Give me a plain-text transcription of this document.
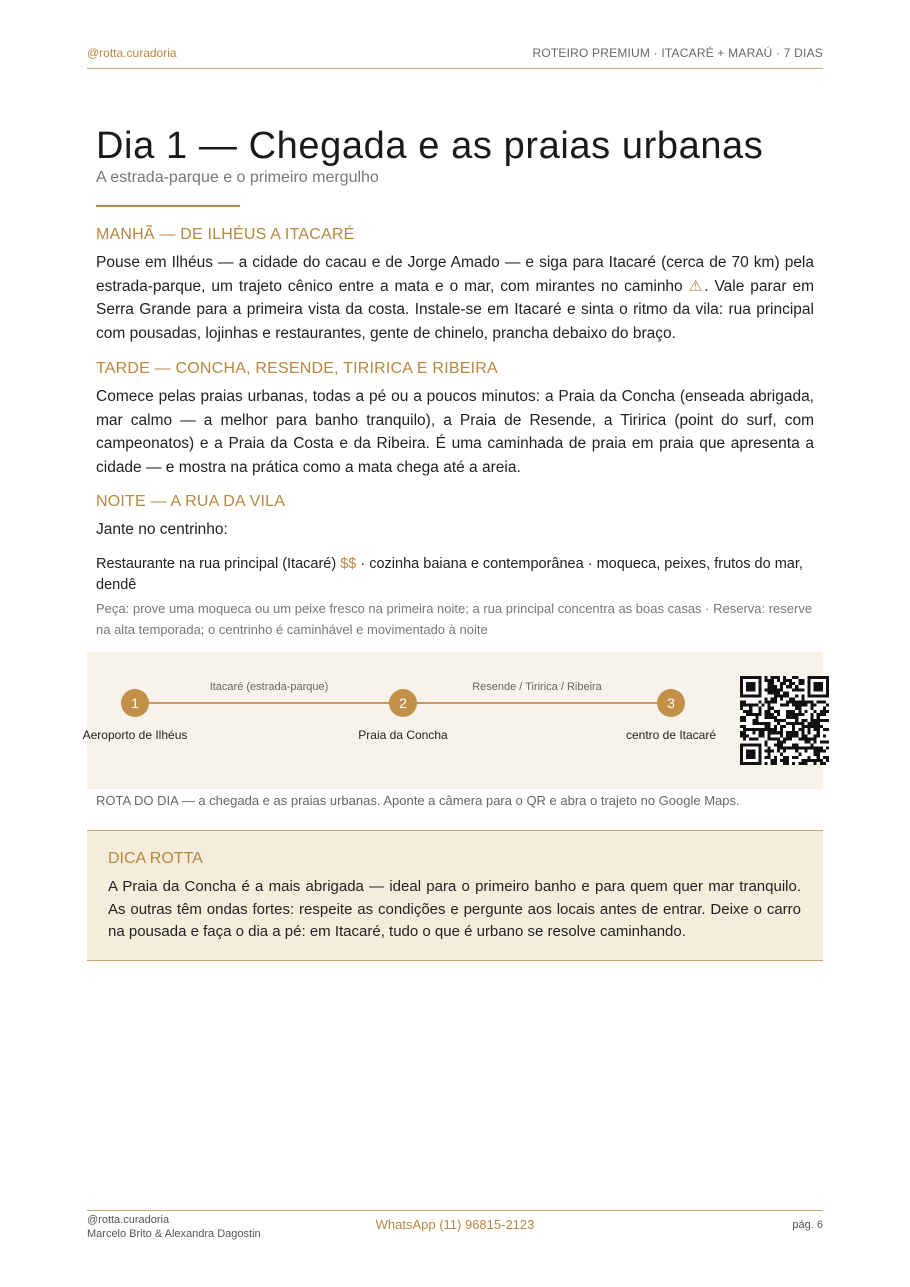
@rotta.curadoria	ROTEIRO PREMIUM · ITACARÉ + MARAÚ · 7 DIAS
Dia 1 — Chegada e as praias urbanas
A estrada-parque e o primeiro mergulho
MANHÃ — DE ILHÉUS A ITACARÉ

Pouse em Ilhéus — a cidade do cacau e de Jorge Amado — e siga para Itacaré (cerca de 70 km) pela estrada-parque, um trajeto cênico entre a mata e o mar, com mirantes no caminho ⚠. Vale parar em Serra Grande para a primeira vista da costa. Instale-se em Itacaré e sinta o ritmo da vila: rua principal com pousadas, lojinhas e restaurantes, gente de chinelo, prancha debaixo do braço.

TARDE — CONCHA, RESENDE, TIRIRICA E RIBEIRA

Comece pelas praias urbanas, todas a pé ou a poucos minutos: a Praia da Concha (enseada abrigada, mar calmo — a melhor para banho tranquilo), a Praia de Resende, a Tiririca (point do surf, com campeonatos) e a Praia da Costa e da Ribeira. É uma caminhada de praia em praia que apresenta a cidade — e mostra na prática como a mata chega até a areia.

NOITE — A RUA DA VILA

Jante no centrinho:

Restaurante na rua principal (Itacaré) $$ · cozinha baiana e contemporânea · moqueca, peixes, frutos do mar, dendê
Peça: prove uma moqueca ou um peixe fresco na primeira noite; a rua principal concentra as boas casas · Reserva: reserve na alta temporada; o centrinho é caminhável e movimentado à noite
Itacaré (estrada-parque)	Resende / Tiririca / Ribeira
1	2	3
Aeroporto de Ilhéus	Praia da Concha	centro de Itacaré
ROTA DO DIA — a chegada e as praias urbanas. Aponte a câmera para o QR e abra o trajeto no Google Maps.
DICA ROTTA
A Praia da Concha é a mais abrigada — ideal para o primeiro banho e para quem quer mar tranquilo. As outras têm ondas fortes: respeite as condições e pergunte aos locais antes de entrar. Deixe o carro na pousada e faça o dia a pé: em Itacaré, tudo o que é urbano se resolve caminhando.
@rotta.curadoria
Marcelo Brito & Alexandra Dagostin
WhatsApp (11) 96815-2123	pág. 6
